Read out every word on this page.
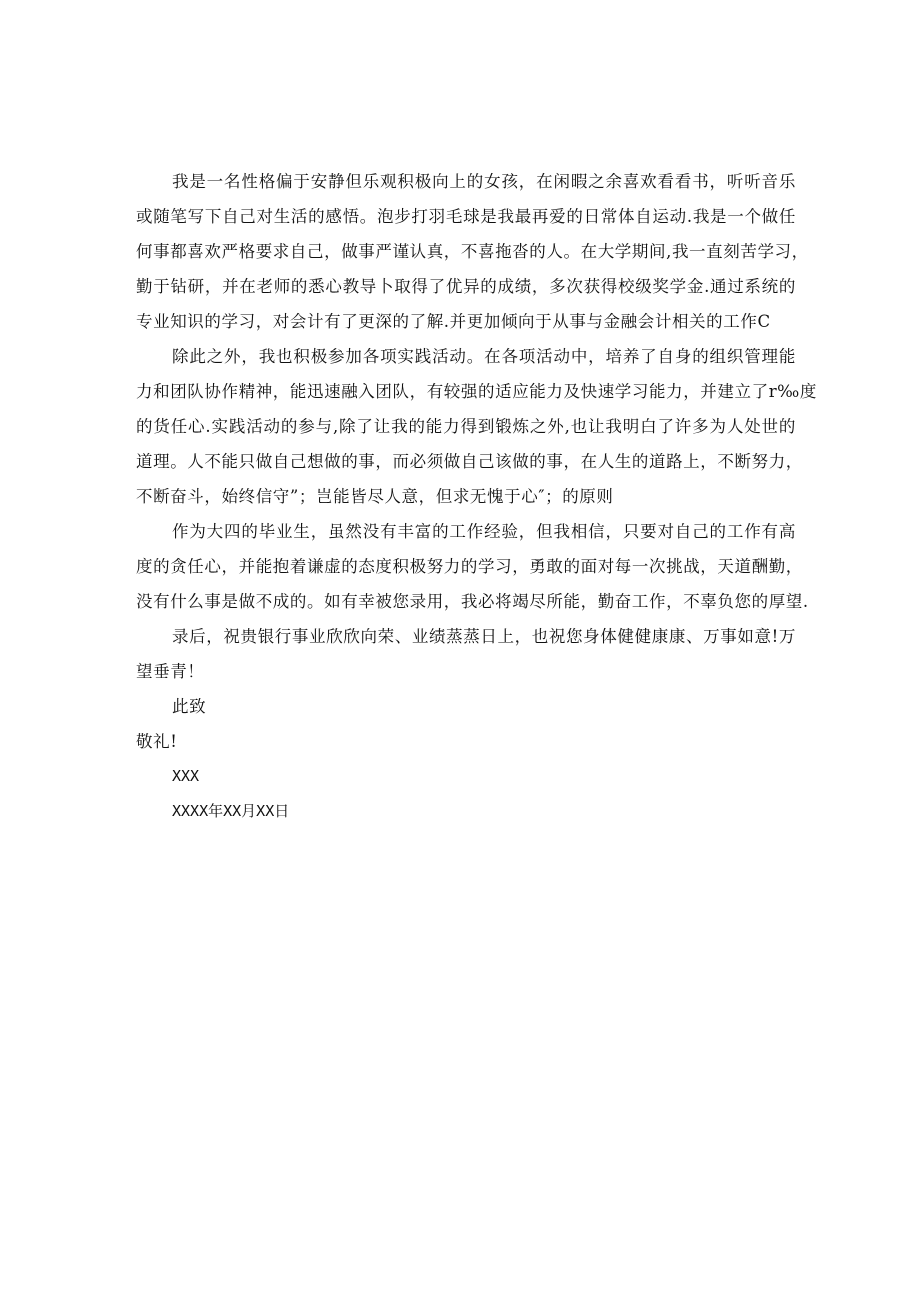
我是一名性格偏于安静但乐观积极向上的女孩，在闲暇之余喜欢看看书，听听音乐
或随笔写下自己对生活的感悟。泡步打羽毛球是我最再爱的日常体自运动.我是一个做任
何事都喜欢严格要求自己，做事严谨认真，不喜拖沓的人。在大学期间,我一直刻苦学习，
勤于钻研，并在老师的悉心教导卜取得了优异的成绩，多次获得校级奖学金.通过系统的
专业知识的学习，对会计有了更深的了解.并更加倾向于从事与金融会计相关的工作C
除此之外，我也积极参加各项实践活动。在各项活动中，培养了自身的组织管理能
力和团队协作精神，能迅速融入团队，有较强的适应能力及快速学习能力，并建立了r‰度
的货任心.实践活动的参与,除了让我的能力得到锻炼之外,也让我明白了许多为人处世的
道理。人不能只做自己想做的事，而必须做自己该做的事，在人生的道路上，不断努力，
不断奋斗，始终信守”；岂能皆尽人意，但求无愧于心″；的原则
作为大四的毕业生，虽然没有丰富的工作经验，但我相信，只要对自己的工作有高
度的贪任心，并能抱着谦虚的态度积极努力的学习，勇敢的面对每一次挑战，天道酬勤，
没有什么事是做不成的。如有幸被您录用，我必将竭尽所能，勤奋工作，不辜负您的厚望.
录后，祝贵银行事业欣欣向荣、业绩蒸蒸日上，也祝您身体健健康康、万事如意!万
望垂青！
此致
敬礼!
XXX
XXXX年XX月XX日
